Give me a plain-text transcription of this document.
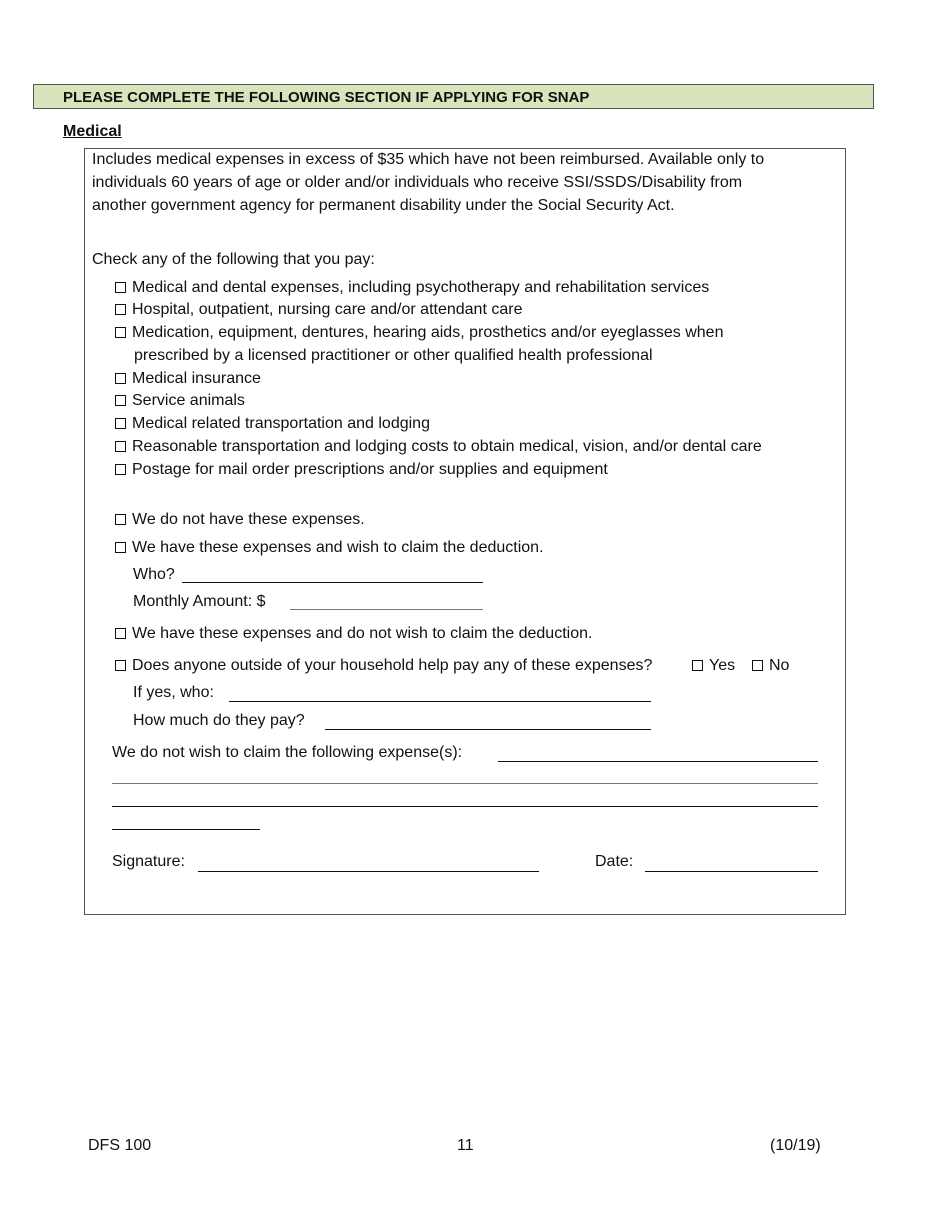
PLEASE COMPLETE THE FOLLOWING SECTION IF APPLYING FOR SNAP
Medical
Includes medical expenses in excess of $35 which have not been reimbursed. Available only to
individuals 60 years of age or older and/or individuals who receive SSI/SSDS/Disability from
another government agency for permanent disability under the Social Security Act.
Check any of the following that you pay:
Medical and dental expenses, including psychotherapy and rehabilitation services
Hospital, outpatient, nursing care and/or attendant care
Medication, equipment, dentures, hearing aids, prosthetics and/or eyeglasses when
prescribed by a licensed practitioner or other qualified health professional
Medical insurance
Service animals
Medical related transportation and lodging
Reasonable transportation and lodging costs to obtain medical, vision, and/or dental care
Postage for mail order prescriptions and/or supplies and equipment
We do not have these expenses.
We have these expenses and wish to claim the deduction.
Who?
Monthly Amount: $
We have these expenses and do not wish to claim the deduction.
Does anyone outside of your household help pay any of these expenses?	Yes	No
If yes, who:
How much do they pay?
We do not wish to claim the following expense(s):
Signature:	Date:
DFS 100	11	(10/19)
